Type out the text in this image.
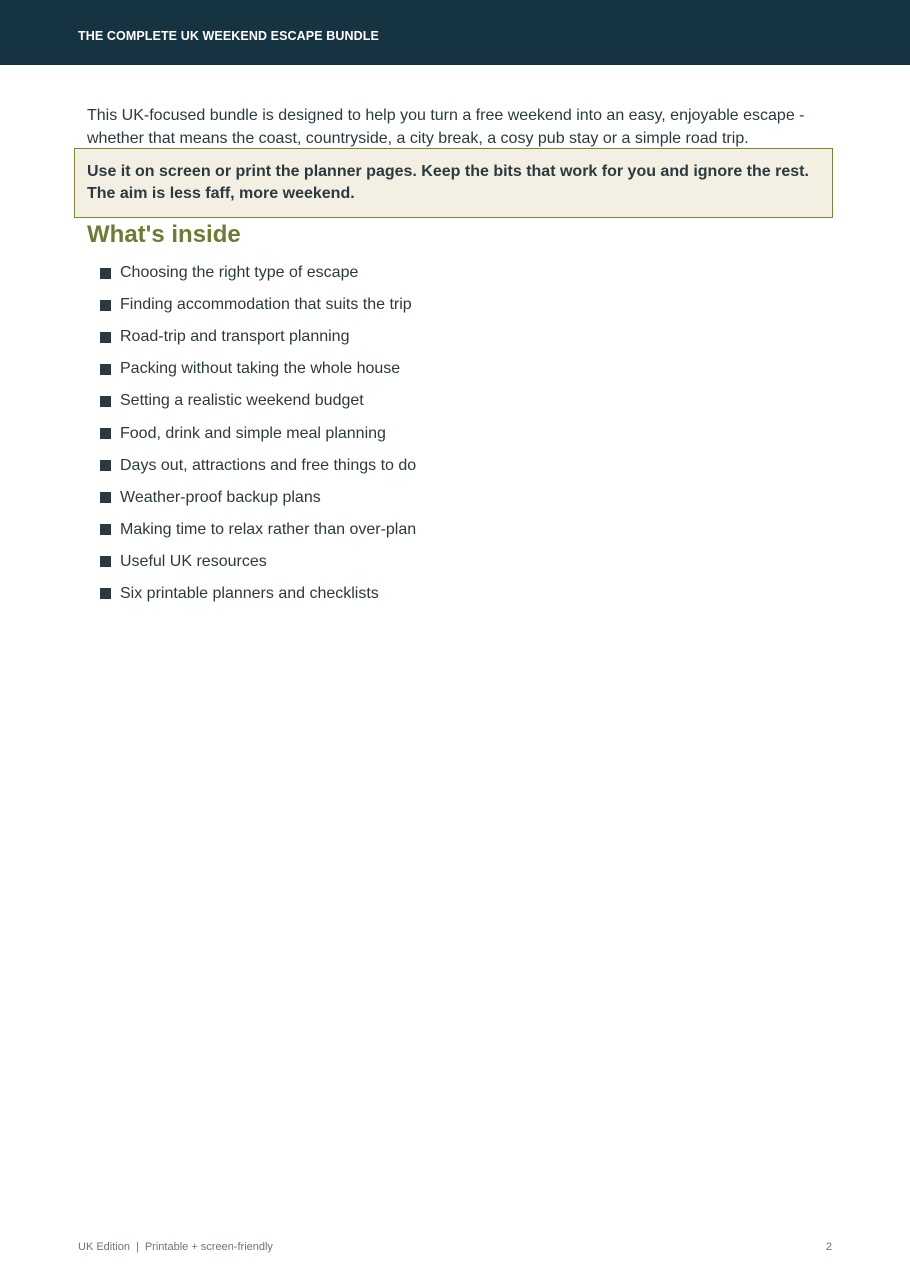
THE COMPLETE UK WEEKEND ESCAPE BUNDLE

This UK-focused bundle is designed to help you turn a free weekend into an easy, enjoyable escape - whether that means the coast, countryside, a city break, a cosy pub stay or a simple road trip.

Use it on screen or print the planner pages. Keep the bits that work for you and ignore the rest. The aim is less faff, more weekend.
What's inside
Choosing the right type of escape
Finding accommodation that suits the trip
Road-trip and transport planning
Packing without taking the whole house
Setting a realistic weekend budget
Food, drink and simple meal planning
Days out, attractions and free things to do
Weather-proof backup plans
Making time to relax rather than over-plan
Useful UK resources
Six printable planners and checklists
UK Edition | Printable + screen-friendly	2
